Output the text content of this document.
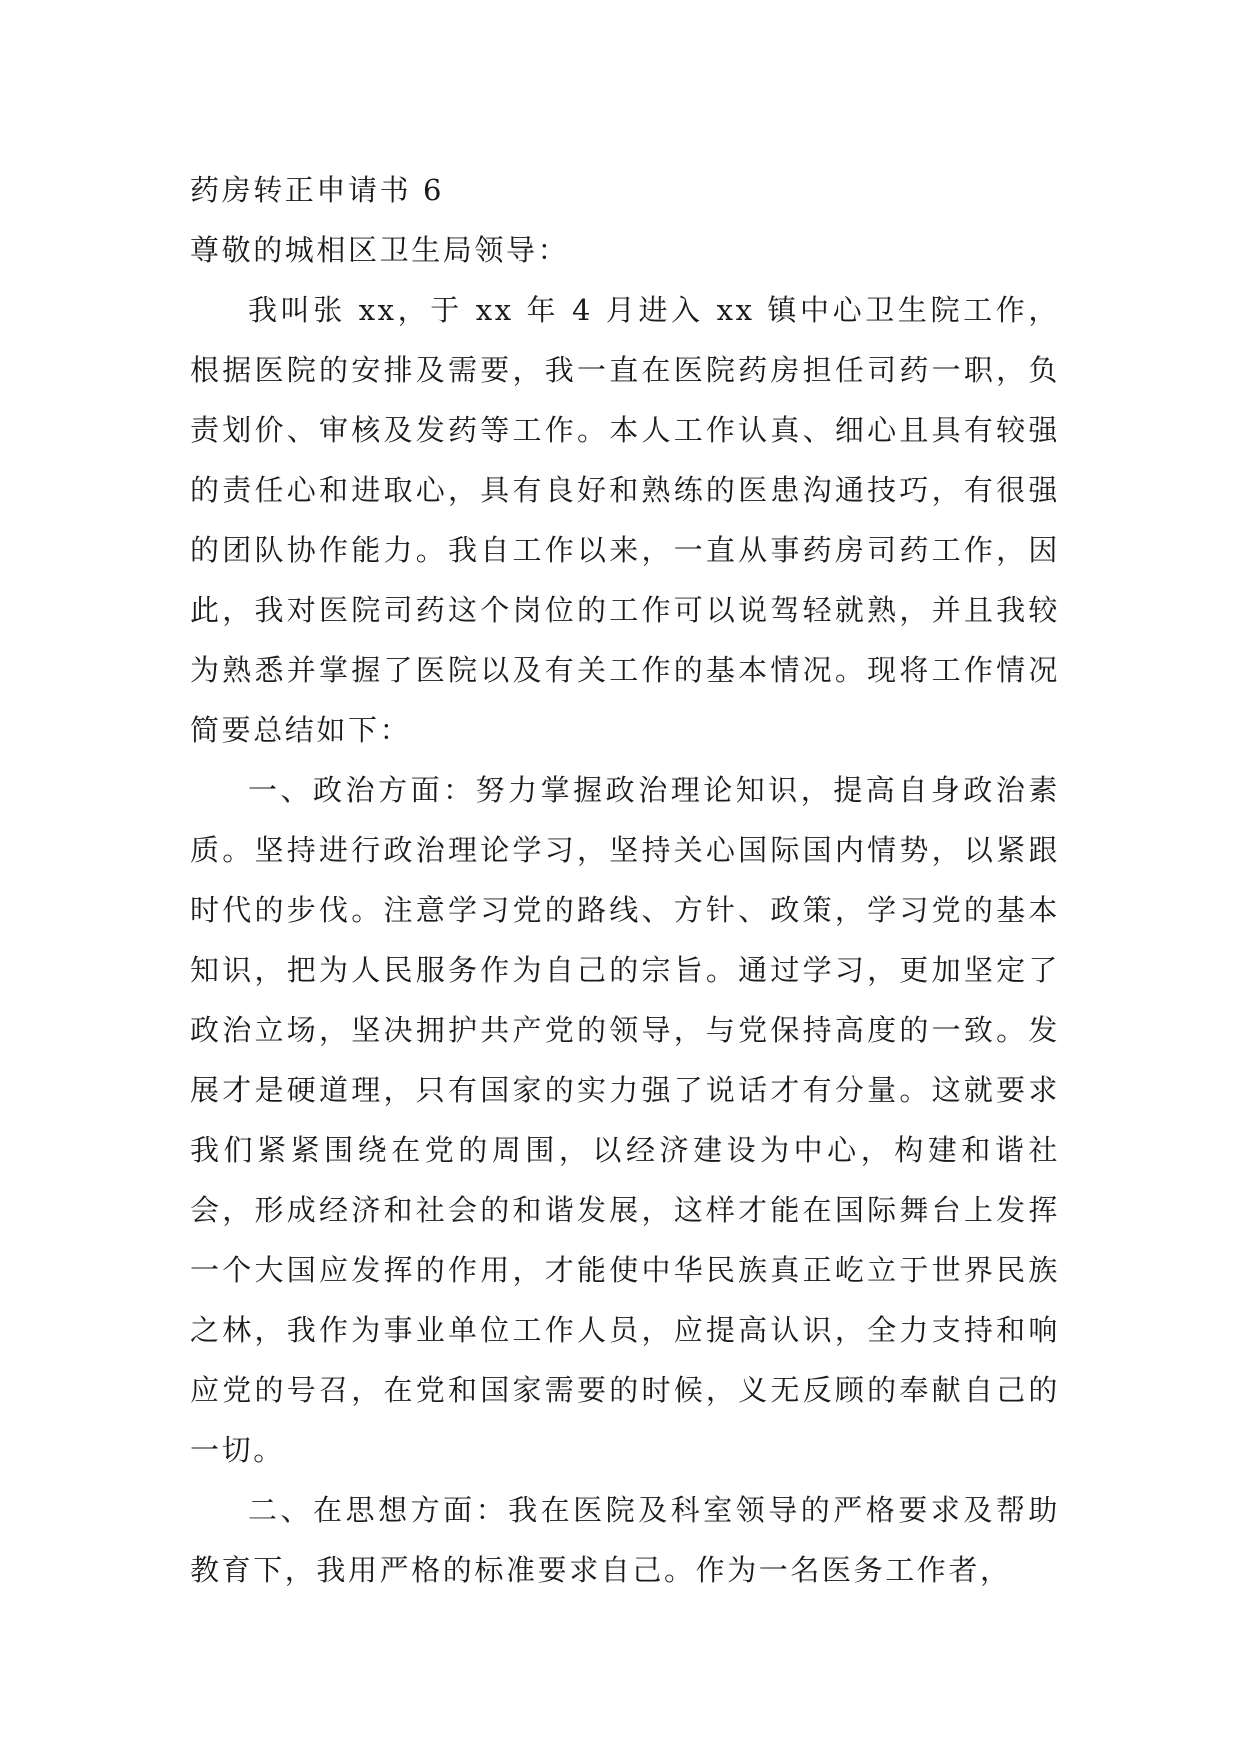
药房转正申请书 6

尊敬的城相区卫生局领导：

我叫张 xx，于 xx 年 4 月进入 xx 镇中心卫生院工作，根据医院的安排及需要，我一直在医院药房担任司药一职，负责划价、审核及发药等工作。本人工作认真、细心且具有较强的责任心和进取心，具有良好和熟练的医患沟通技巧，有很强的团队协作能力。我自工作以来，一直从事药房司药工作，因此，我对医院司药这个岗位的工作可以说驾轻就熟，并且我较为熟悉并掌握了医院以及有关工作的基本情况。现将工作情况简要总结如下：

一、政治方面：努力掌握政治理论知识，提高自身政治素质。坚持进行政治理论学习，坚持关心国际国内情势，以紧跟时代的步伐。注意学习党的路线、方针、政策，学习党的基本知识，把为人民服务作为自己的宗旨。通过学习，更加坚定了政治立场，坚决拥护共产党的领导，与党保持高度的一致。发展才是硬道理，只有国家的实力强了说话才有分量。这就要求我们紧紧围绕在党的周围，以经济建设为中心，构建和谐社会，形成经济和社会的和谐发展，这样才能在国际舞台上发挥一个大国应发挥的作用，才能使中华民族真正屹立于世界民族之林，我作为事业单位工作人员，应提高认识，全力支持和响应党的号召，在党和国家需要的时候，义无反顾的奉献自己的一切。

二、在思想方面：我在医院及科室领导的严格要求及帮助教育下，我用严格的标准要求自己。作为一名医务工作者，
